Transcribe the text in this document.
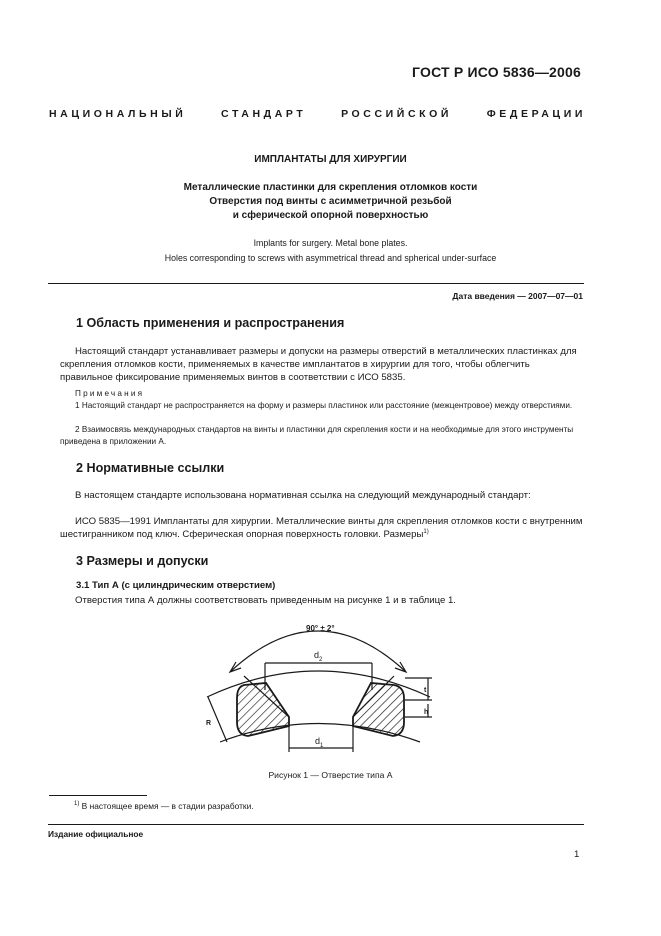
ГОСТ Р ИСО 5836—2006
НАЦИОНАЛЬНЫЙ СТАНДАРТ РОССИЙСКОЙ ФЕДЕРАЦИИ
ИМПЛАНТАТЫ ДЛЯ ХИРУРГИИ
Металлические пластинки для скрепления отломков кости
Отверстия под винты с асимметричной резьбой
и сферической опорной поверхностью
Implants for surgery. Metal bone plates.
Holes corresponding to screws with asymmetrical thread and spherical under-surface
Дата введения — 2007—07—01
1 Область применения и распространения
Настоящий стандарт устанавливает размеры и допуски на размеры отверстий в металлических пластинках для скрепления отломков кости, применяемых в качестве имплантатов в хирургии для того, чтобы облегчить правильное фиксирование применяемых винтов в соответствии с ИСО 5835.
Примечания
1 Настоящий стандарт не распространяется на форму и размеры пластинок или расстояние (межцентровое) между отверстиями.
2 Взаимосвязь международных стандартов на винты и пластинки для скрепления кости и на необходимые для этого инструменты приведена в приложении А.
2 Нормативные ссылки
В настоящем стандарте использована нормативная ссылка на следующий международный стандарт:
ИСО 5835—1991 Имплантаты для хирургии. Металлические винты для скрепления отломков кости с внутренним шестигранником под ключ. Сферическая опорная поверхность головки. Размеры$^{1)}$
3 Размеры и допуски
3.1 Тип А (с цилиндрическим отверстием)
Отверстия типа А должны соответствовать приведенным на рисунке 1 и в таблице 1.
90° ± 2°
$d_2$
$d_1$
t
h
R
Рисунок 1 — Отверстие типа А
$^{1)}$ В настоящее время — в стадии разработки.
Издание официальное
1
